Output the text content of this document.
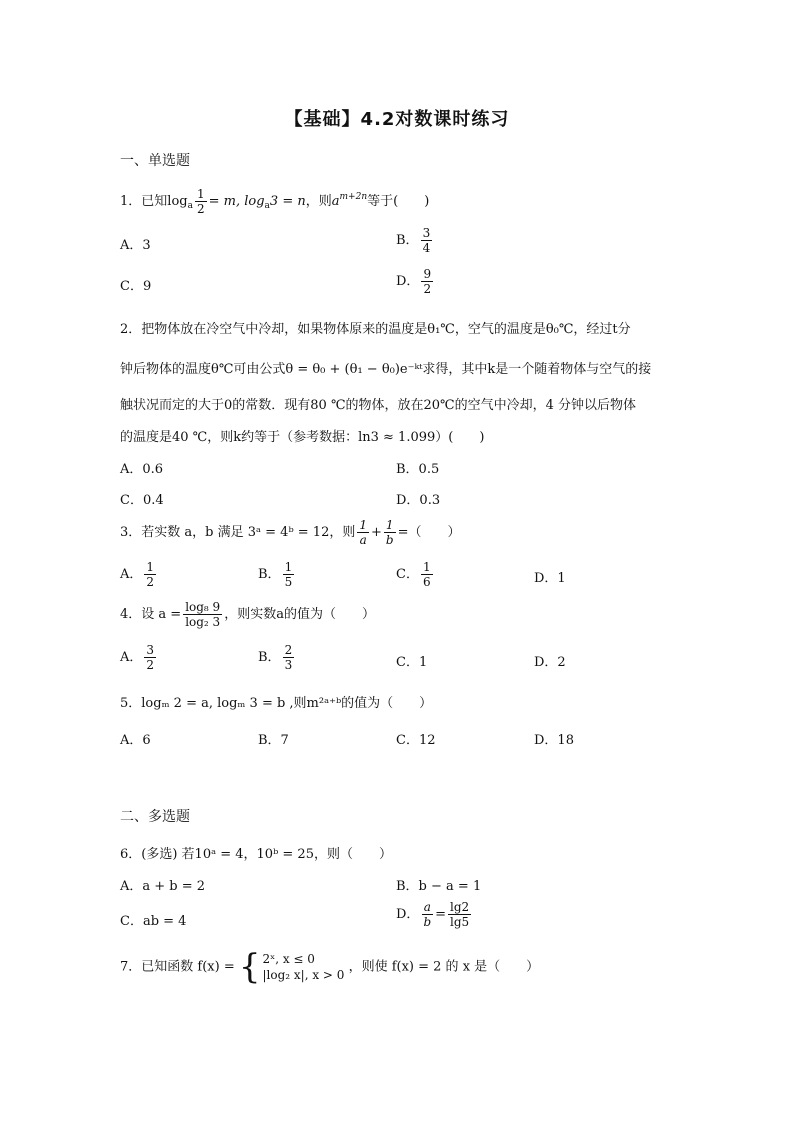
【基础】4.2对数课时练习
一、单选题
1．已知$\log_a \frac{1}{2} = m$, $\log_a3 = n$，则$a^{m+2n}$等于(　　)
A．3	B． $\frac{3}{4}$
C．9	D． $\frac{9}{2}$
2．把物体放在冷空气中冷却，如果物体原来的温度是θ₁℃，空气的温度是θ₀℃，经过t分
钟后物体的温度θ℃可由公式θ = θ₀ + (θ₁ − θ₀)e⁻ᵏᵗ求得，其中k是一个随着物体与空气的接
触状况而定的大于0的常数．现有80 ℃的物体，放在20℃的空气中冷却，4 分钟以后物体
的温度是40 ℃，则k约等于（参考数据：ln3 ≈ 1.099）(　　)
A．0.6	B．0.5
C．0.4	D．0.3
3．若实数 a，b 满足 3ᵃ = 4ᵇ = 12，则 $\frac{1}{a} + \frac{1}{b}$ =（　　）
A． $\frac{1}{2}$	B． $\frac{1}{5}$	C． $\frac{1}{6}$	D．1
4．设 $a = \frac{\text{log₈ 9}}{\text{log₂ 3}}$ ，则实数a的值为（　　）
A． $\frac{3}{2}$	B． $\frac{2}{3}$	C．1	D．2
5．logₘ 2 = a, logₘ 3 = b ,则m²ᵃ⁺ᵇ的值为（　　）
A．6	B．7	C．12	D．18
二、多选题
6．(多选) 若10ᵃ = 4，10ᵇ = 25，则（　　）
A．a + b = 2	B．b − a = 1
C．ab = 4	D． $\frac{a}{b} = \frac{\lg 2}{\lg 5}$
7．已知函数 f(x) = { 2ˣ, x ≤ 0
|log₂ x|, x > 0
，则使 f(x) = 2 的 x 是（　　）
